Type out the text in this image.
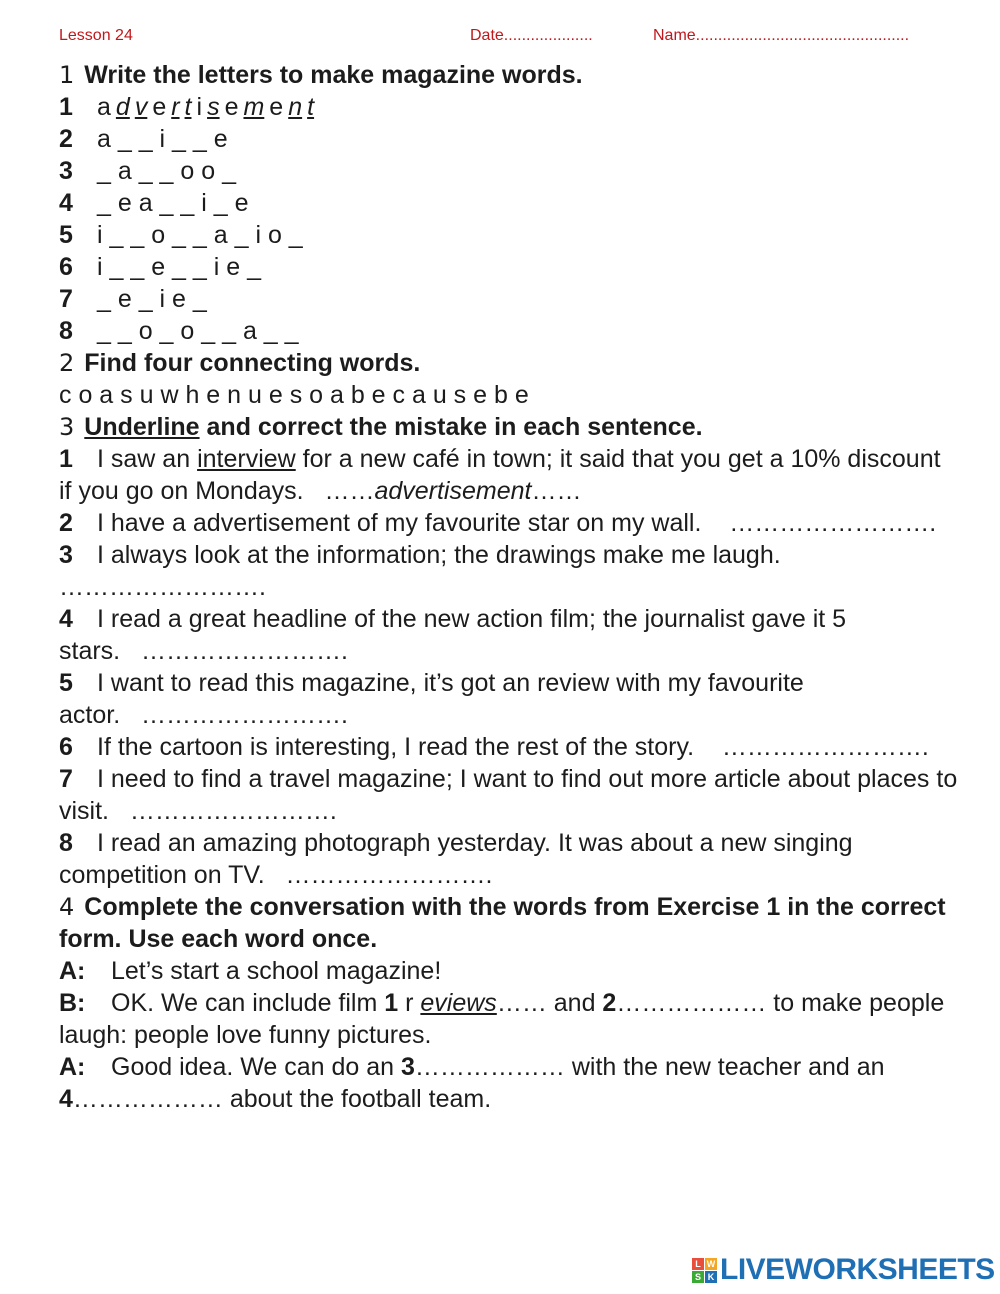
Lesson 24	Date....................	Name................................................
1 Write the letters to make magazine words.
1 a d v e r t i s e m e n t
2 a _ _ i _ _ e
3 _ a _ _ o o _
4 _ e a _ _ i _ e
5 i _ _ o _ _ a _ i o _
6 i _ _ e _ _ i e _
7 _ e _ i e _
8 _ _ o _ o _ _ a _ _
2 Find four connecting words.
c o a s u w h e n u e s o a b e c a u s e b e
3 Underline and correct the mistake in each sentence.
1 I saw an interview for a new café in town; it said that you get a 10% discount if you go on Mondays. ……advertisement……
2 I have a advertisement of my favourite star on my wall. …………………….
3 I always look at the information; the drawings make me laugh.    …………………….
4 I read a great headline of the new action film; the journalist gave it 5 stars. …………………….
5 I want to read this magazine, it’s got an review with my favourite actor. …………………….
6 If the cartoon is interesting, I read the rest of the story. …………………….
7 I need to find a travel magazine; I want to find out more article about places to visit. …………………….
8 I read an amazing photograph yesterday. It was about a new singing competition on TV. …………………….
4 Complete the conversation with the words from Exercise 1 in the correct form. Use each word once.
A: Let’s start a school magazine!
B: OK. We can include film 1 r eviews…… and 2……………… to make people laugh: people love funny pictures.
A: Good idea. We can do an 3……………… with the new teacher and an 4……………… about the football team.
L W
S K LIVEWORKSHEETS
